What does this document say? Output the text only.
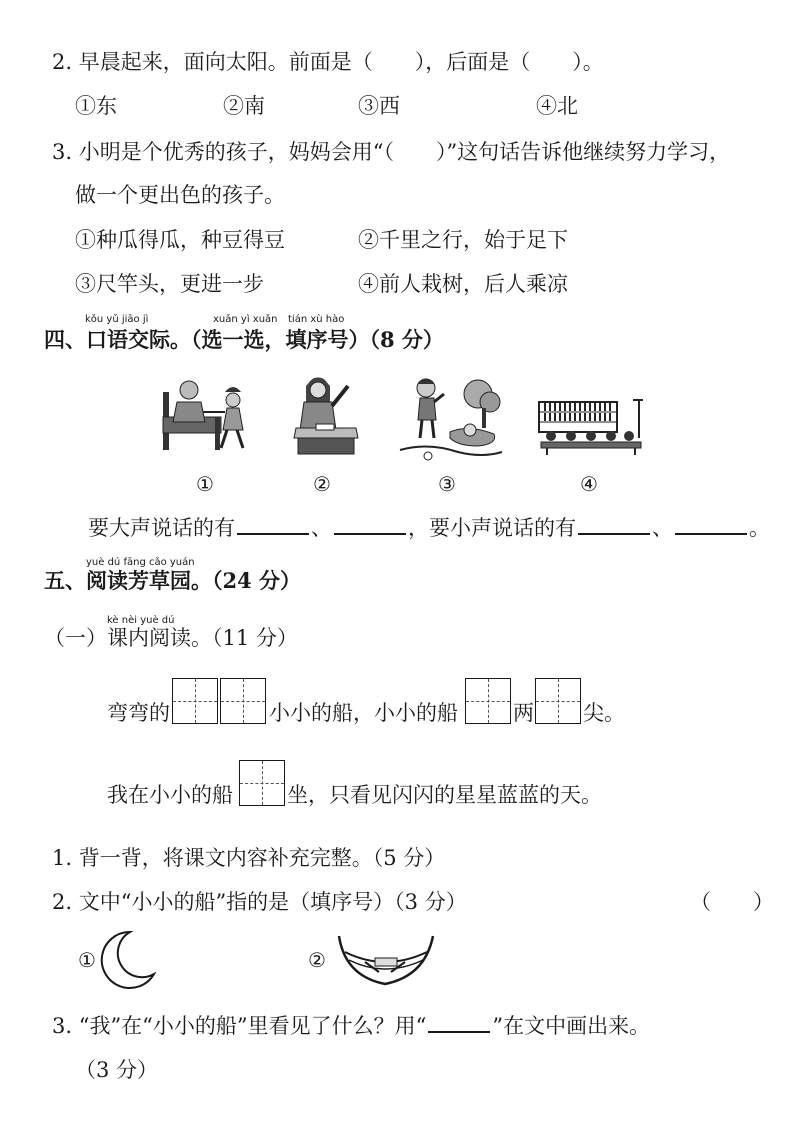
2. 早晨起来，面向太阳。前面是（　　），后面是（　　）。
①东	②南	③西	④北
3. 小明是个优秀的孩子，妈妈会用“（　　）”这句话告诉他继续努力学习，
做一个更出色的孩子。
①种瓜得瓜，种豆得豆	②千里之行，始于足下
③尺竿头，更进一步	④前人栽树，后人乘凉
kǒu yǔ jiāo jì	xuǎn yì xuǎn tián xù hào
四、口语交际。（选一选，填序号）（8 分）
①	②	③	④
要大声说话的有	、	，要小声说话的有	、	。
yuè dú fāng cǎo yuán
五、阅读芳草园。（24 分）
kè nèi yuè dú
（一）课内阅读。（11 分）
弯弯的	小小的船，小小的船	两 尖。
我在小小的船	坐，只看见闪闪的星星蓝蓝的天。
1. 背一背，将课文内容补充完整。（5 分）
2. 文中“小小的船”指的是（填序号）（3 分）	（　　）
①	②
3. “我”在“小小的船”里看见了什么？用“	”在文中画出来。
（3 分）
